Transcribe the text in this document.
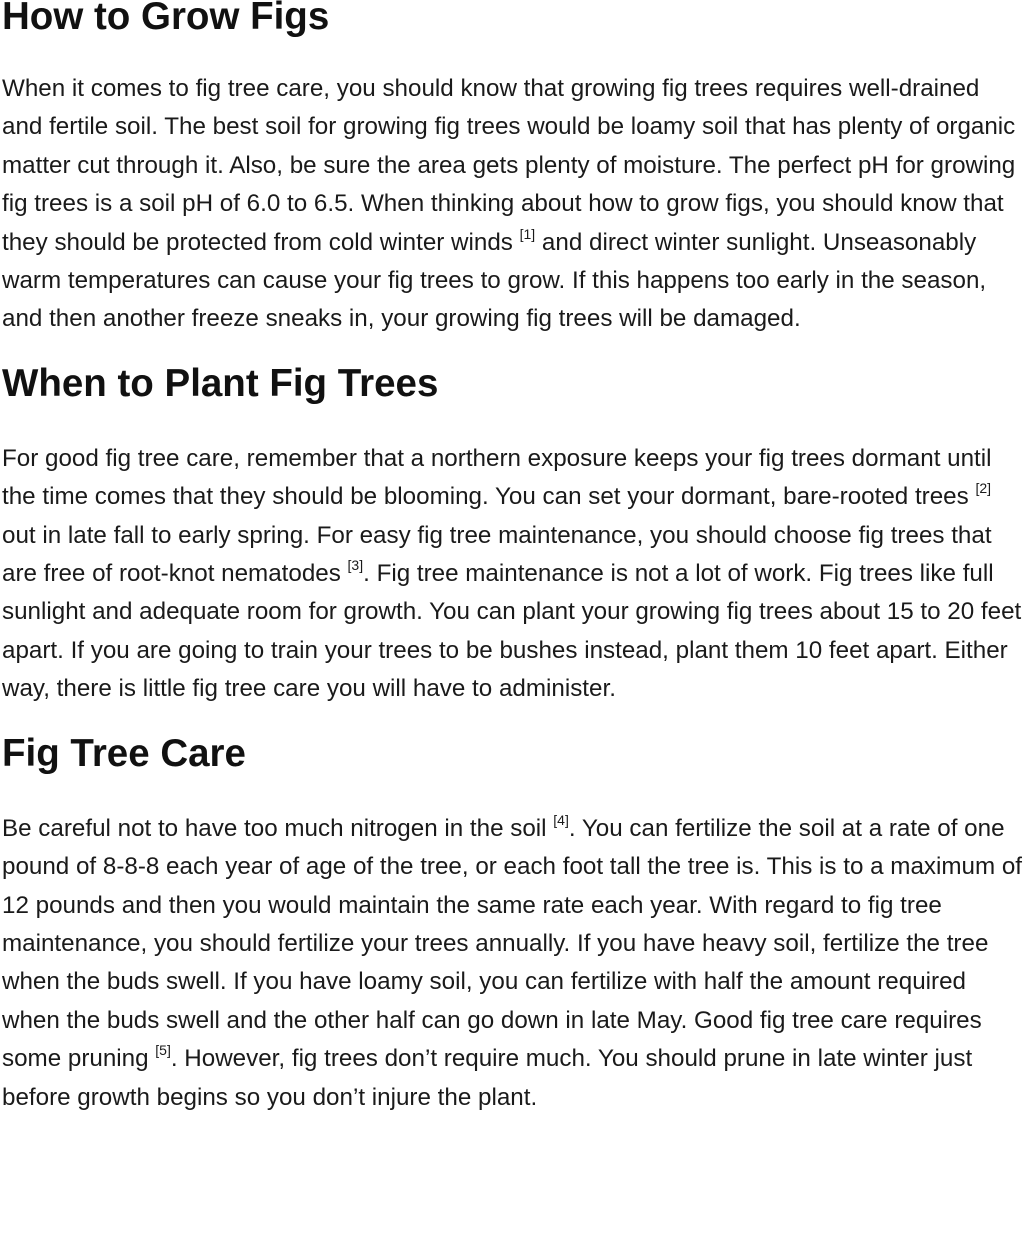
How to Grow Figs

When it comes to fig tree care, you should know that growing fig trees requires well-drained and fertile soil. The best soil for growing fig trees would be loamy soil that has plenty of organic matter cut through it. Also, be sure the area gets plenty of moisture. The perfect pH for growing fig trees is a soil pH of 6.0 to 6.5. When thinking about how to grow figs, you should know that they should be protected from cold winter winds [1] and direct winter sunlight. Unseasonably warm temperatures can cause your fig trees to grow. If this happens too early in the season, and then another freeze sneaks in, your growing fig trees will be damaged.

When to Plant Fig Trees

For good fig tree care, remember that a northern exposure keeps your fig trees dormant until the time comes that they should be blooming. You can set your dormant, bare-rooted trees [2] out in late fall to early spring. For easy fig tree maintenance, you should choose fig trees that are free of root-knot nematodes [3]. Fig tree maintenance is not a lot of work. Fig trees like full sunlight and adequate room for growth. You can plant your growing fig trees about 15 to 20 feet apart. If you are going to train your trees to be bushes instead, plant them 10 feet apart. Either way, there is little fig tree care you will have to administer.

Fig Tree Care

Be careful not to have too much nitrogen in the soil [4]. You can fertilize the soil at a rate of one pound of 8-8-8 each year of age of the tree, or each foot tall the tree is. This is to a maximum of 12 pounds and then you would maintain the same rate each year. With regard to fig tree maintenance, you should fertilize your trees annually. If you have heavy soil, fertilize the tree when the buds swell. If you have loamy soil, you can fertilize with half the amount required when the buds swell and the other half can go down in late May. Good fig tree care requires some pruning [5]. However, fig trees don’t require much. You should prune in late winter just before growth begins so you don’t injure the plant.
